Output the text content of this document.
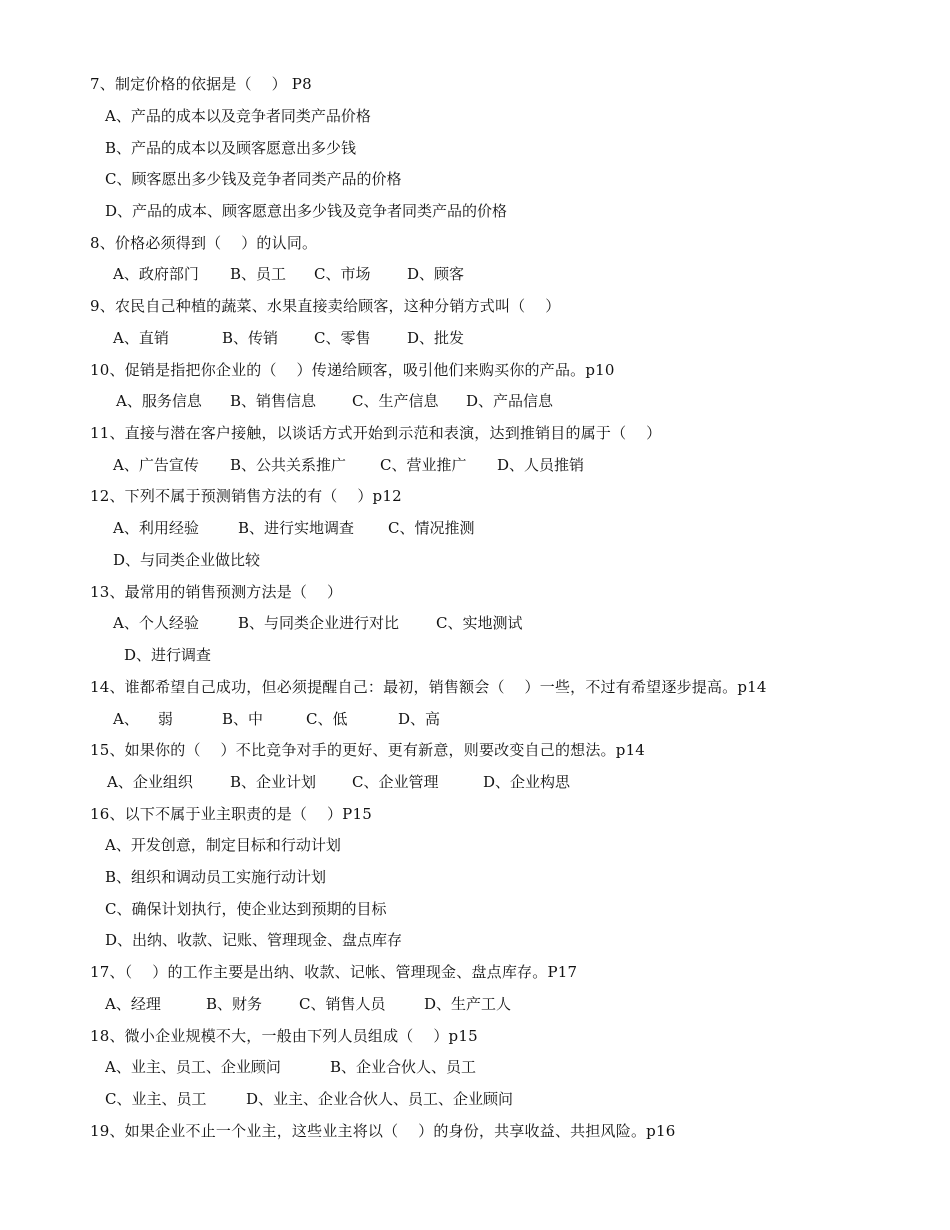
7、制定价格的依据是（    ） P8
A、产品的成本以及竞争者同类产品价格
B、产品的成本以及顾客愿意出多少钱
C、顾客愿出多少钱及竞争者同类产品的价格
D、产品的成本、顾客愿意出多少钱及竞争者同类产品的价格
8、价格必须得到（    ）的认同。
A、政府部门 B、员工 C、市场 D、顾客
9、农民自己种植的蔬菜、水果直接卖给顾客，这种分销方式叫（    ）
A、直销	B、传销 C、零售 D、批发
10、促销是指把你企业的（    ）传递给顾客，吸引他们来购买你的产品。p10
A、服务信息 B、销售信息 C、生产信息 D、产品信息
11、直接与潜在客户接触，以谈话方式开始到示范和表演，达到推销目的属于（    ）
A、广告宣传 B、公共关系推广 C、营业推广 D、人员推销
12、下列不属于预测销售方法的有（    ）p12
A、利用经验	B、进行实地调查 C、情况推测
D、与同类企业做比较
13、最常用的销售预测方法是（    ）
A、个人经验	B、与同类企业进行对比 C、实地测试
D、进行调查
14、谁都希望自己成功，但必须提醒自己：最初，销售额会（    ）一些，不过有希望逐步提高。p14
A、    弱	B、中	C、低	D、高
15、如果你的（    ）不比竞争对手的更好、更有新意，则要改变自己的想法。p14
A、企业组织 B、企业计划 C、企业管理	D、企业构思
16、以下不属于业主职责的是（    ）P15
A、开发创意，制定目标和行动计划
B、组织和调动员工实施行动计划
C、确保计划执行，使企业达到预期的目标
D、出纳、收款、记账、管理现金、盘点库存
17、（    ）的工作主要是出纳、收款、记帐、管理现金、盘点库存。P17
A、经理	B、财务 C、销售人员	D、生产工人
18、微小企业规模不大，一般由下列人员组成（    ）p15
A、业主、员工、企业顾问	B、企业合伙人、员工
C、业主、员工	D、业主、企业合伙人、员工、企业顾问
19、如果企业不止一个业主，这些业主将以（    ）的身份，共享收益、共担风险。p16
